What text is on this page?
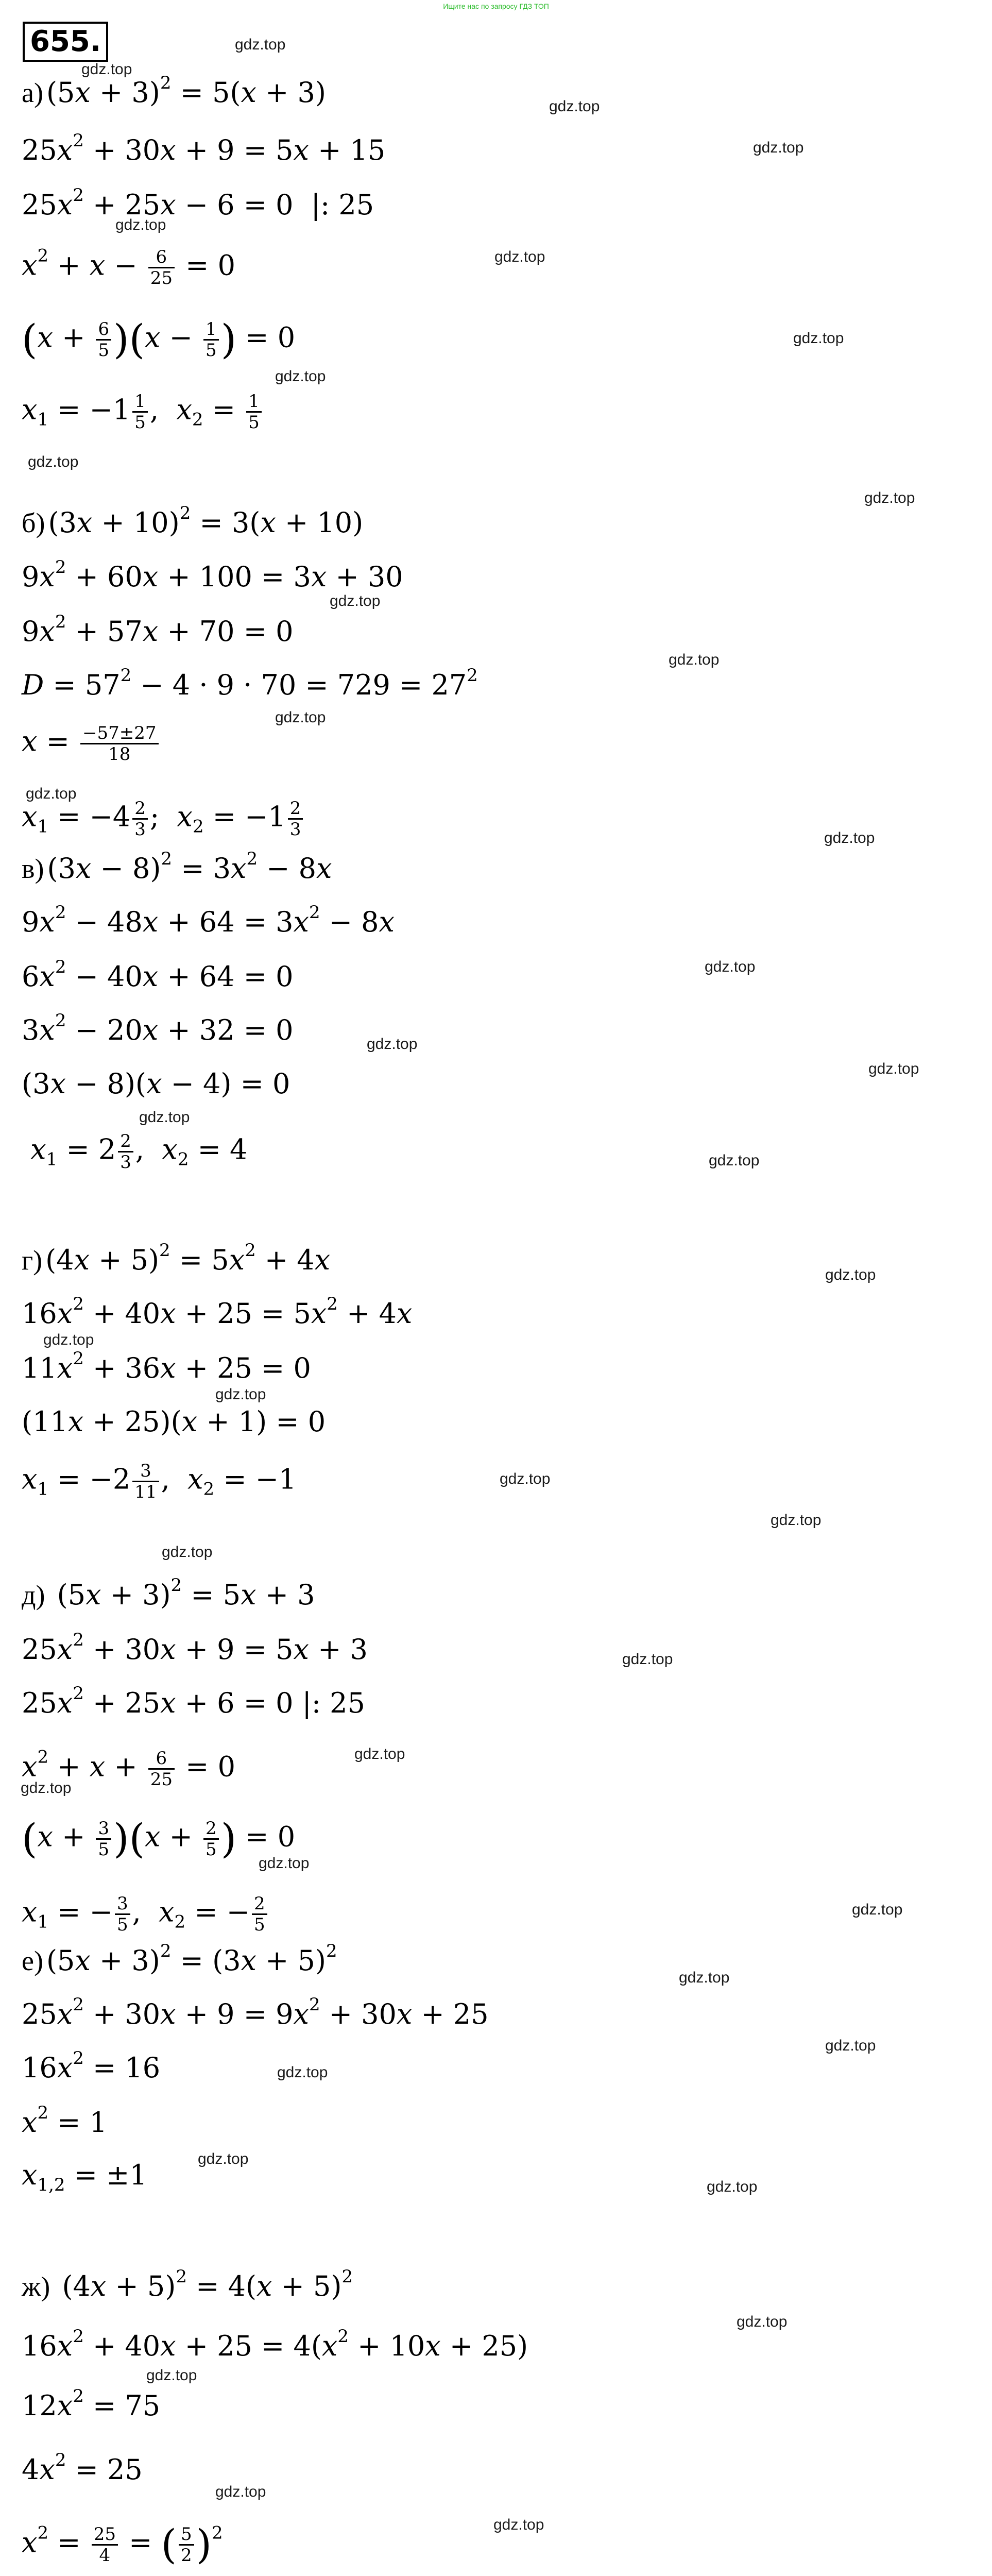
Ищите нас по запросу ГДЗ ТОП
655.
а) $(5x + 3)^2 = 5(x + 3)$
$25x^2 + 30x + 9 = 5x + 15$
$25x^2 + 25x - 6 = 0$  |: 25
$x^2 + x - \frac{6}{25} = 0$
$(x + \frac{6}{5} )(x - \frac{1}{5}$ ) = 0
$x_1 = -1 \frac{1}{5}$ ,  $x_2 = \frac{1}{5}$
б) $(3x + 10)^2 = 3(x + 10)$
$9x^2 + 60x + 100 = 3x + 30$
$9x^2 + 57x + 70 = 0$
$D = 57^2 - 4 \cdot 9 \cdot 70 = 729 = 27^2$
$x = \frac{-57\pm 27}{18}$
$x_1 = -4 \frac{2}{3}$ ;  $x_2 = -1 \frac{2}{3}$
в) $(3x - 8)^2 = 3x^2 - 8x$
$9x^2 - 48x + 64 = 3x^2 - 8x$
$6x^2 - 40x + 64 = 0$
$3x^2 - 20x + 32 = 0$
(3x − 8)(x − 4) = 0
$x_1 = 2 \frac{2}{3}$ ,  $x_2 = 4$
г) $(4x + 5)^2 = 5x^2 + 4x$
$16x^2 + 40x + 25 = 5x^2 + 4x$
$11x^2 + 36x + 25 = 0$
(11x + 25)(x + 1) = 0
$x_1 = -2 \frac{3}{11}$ ,  $x_2 = -1$
д) $(5x + 3)^2 = 5x + 3$
$25x^2 + 30x + 9 = 5x + 3$
$25x^2 + 25x + 6 = 0$ |: 25
$x^2 + x + \frac{6}{25} = 0$
$(x + \frac{3}{5} )(x + \frac{2}{5}$ ) = 0
$x_1$ = − $\frac{3}{5}$ ,  $x_2$ = − $\frac{2}{5}$
е) $(5x + 3)^2 = (3x + 5)^2$
$25x^2 + 30x + 9 = 9x^2 + 30x + 25$
$16x^2 = 16$
$x^2 = 1$
$x_{1,2} = \pm 1$
ж) $(4x + 5)^2 = 4(x + 5)^2$
$16x^2 + 40x + 25 = 4(x^2 + 10x + 25)$
$12x^2 = 75$
$4x^2 = 25$
$x^2 = \frac{25}{4}$ = ( $\frac{5}{2} )^2$
gdz.top
gdz.top
gdz.top
gdz.top
gdz.top
gdz.top
gdz.top
gdz.top
gdz.top
gdz.top
gdz.top
gdz.top
gdz.top
gdz.top
gdz.top
gdz.top
gdz.top
gdz.top
gdz.top
gdz.top
gdz.top
gdz.top
gdz.top
gdz.top
gdz.top
gdz.top
gdz.top
gdz.top
gdz.top
gdz.top
gdz.top
gdz.top
gdz.top
gdz.top
gdz.top
gdz.top
gdz.top
gdz.top
gdz.top
gdz.top
